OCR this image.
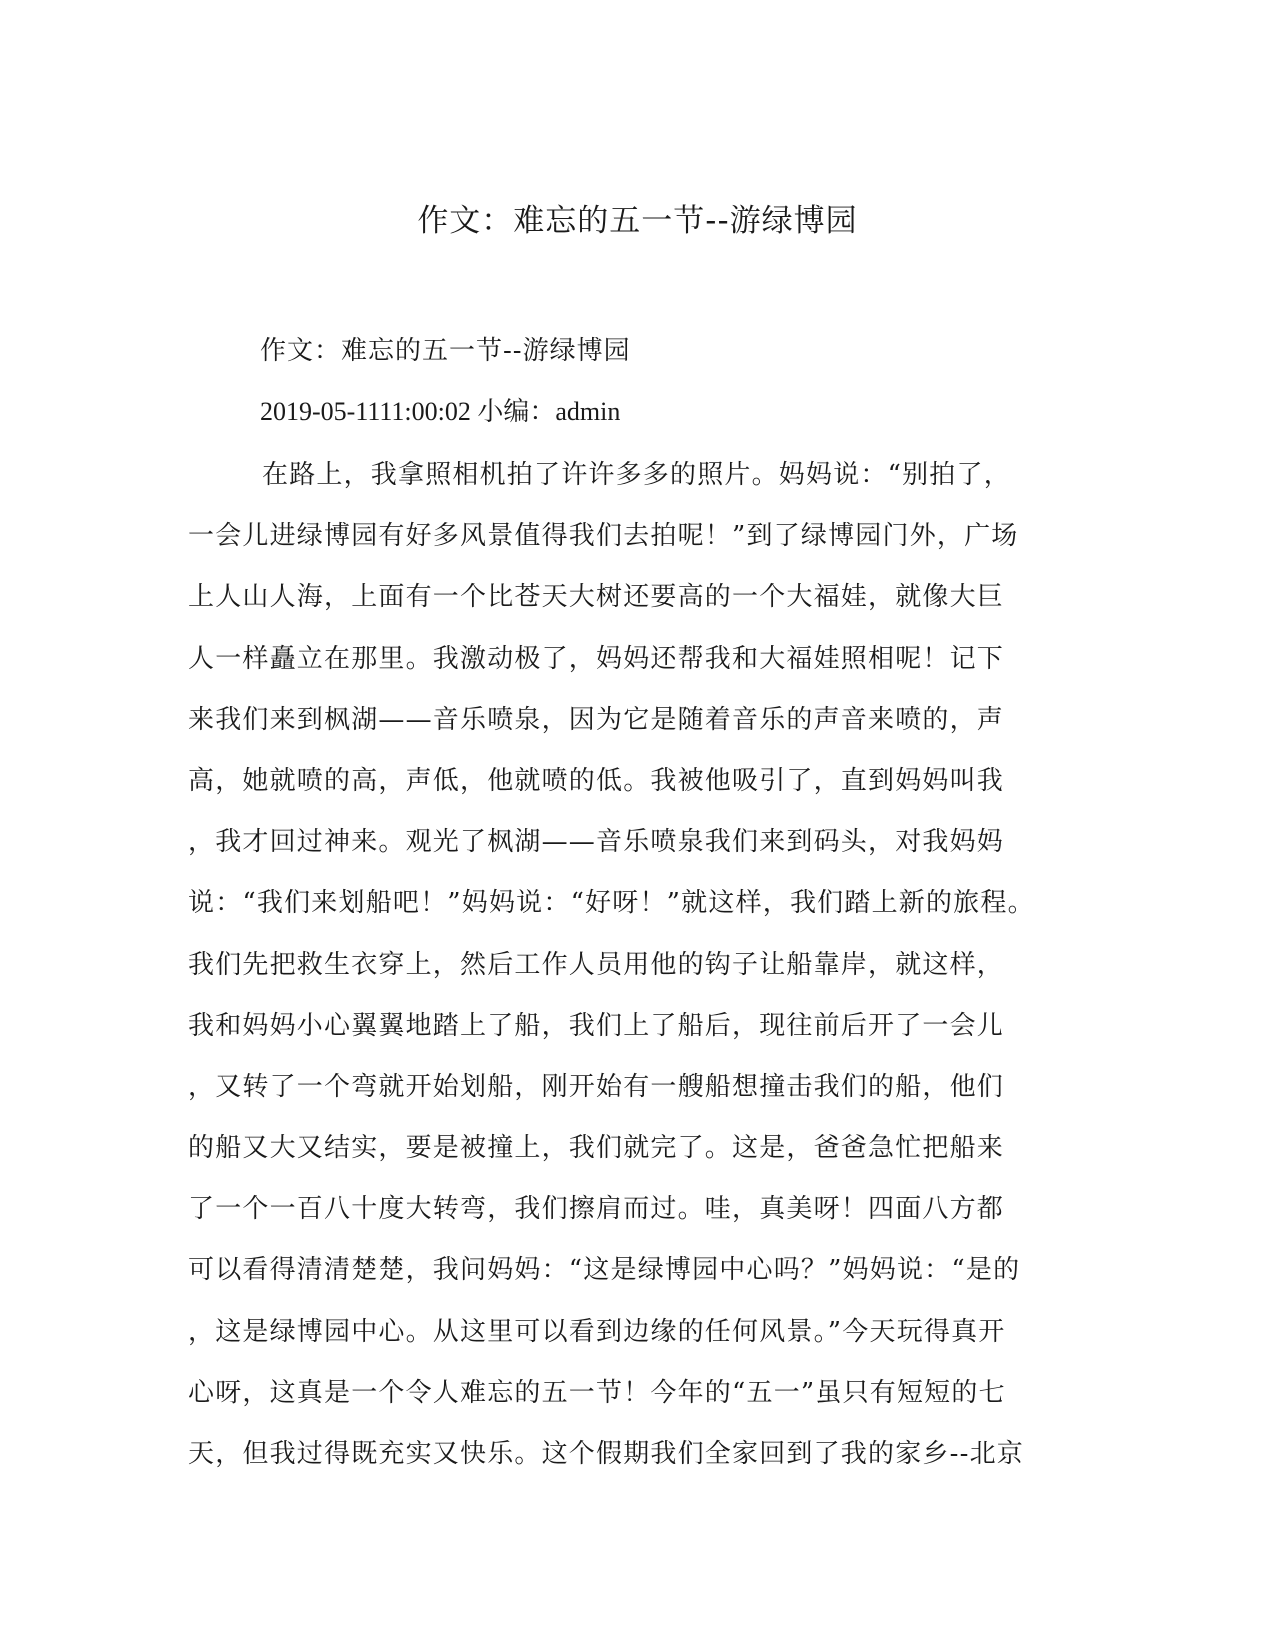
作文：难忘的五一节--游绿博园

作文：难忘的五一节--游绿博园

2019-05-1111:00:02 小编：admin

在路上，我拿照相机拍了许许多多的照片。妈妈说：“别拍了，
一会儿进绿博园有好多风景值得我们去拍呢！”到了绿博园门外，广场
上人山人海，上面有一个比苍天大树还要高的一个大福娃，就像大巨
人一样矗立在那里。我激动极了，妈妈还帮我和大福娃照相呢！记下
来我们来到枫湖——音乐喷泉，因为它是随着音乐的声音来喷的，声
高，她就喷的高，声低，他就喷的低。我被他吸引了，直到妈妈叫我
，我才回过神来。观光了枫湖——音乐喷泉我们来到码头，对我妈妈
说：“我们来划船吧！”妈妈说：“好呀！”就这样，我们踏上新的旅程。
我们先把救生衣穿上，然后工作人员用他的钩子让船靠岸，就这样，
我和妈妈小心翼翼地踏上了船，我们上了船后，现往前后开了一会儿
，又转了一个弯就开始划船，刚开始有一艘船想撞击我们的船，他们
的船又大又结实，要是被撞上，我们就完了。这是，爸爸急忙把船来
了一个一百八十度大转弯，我们擦肩而过。哇，真美呀！四面八方都
可以看得清清楚楚，我问妈妈：“这是绿博园中心吗？”妈妈说：“是的
，这是绿博园中心。从这里可以看到边缘的任何风景。”今天玩得真开
心呀，这真是一个令人难忘的五一节！今年的“五一”虽只有短短的七
天，但我过得既充实又快乐。这个假期我们全家回到了我的家乡--北京
